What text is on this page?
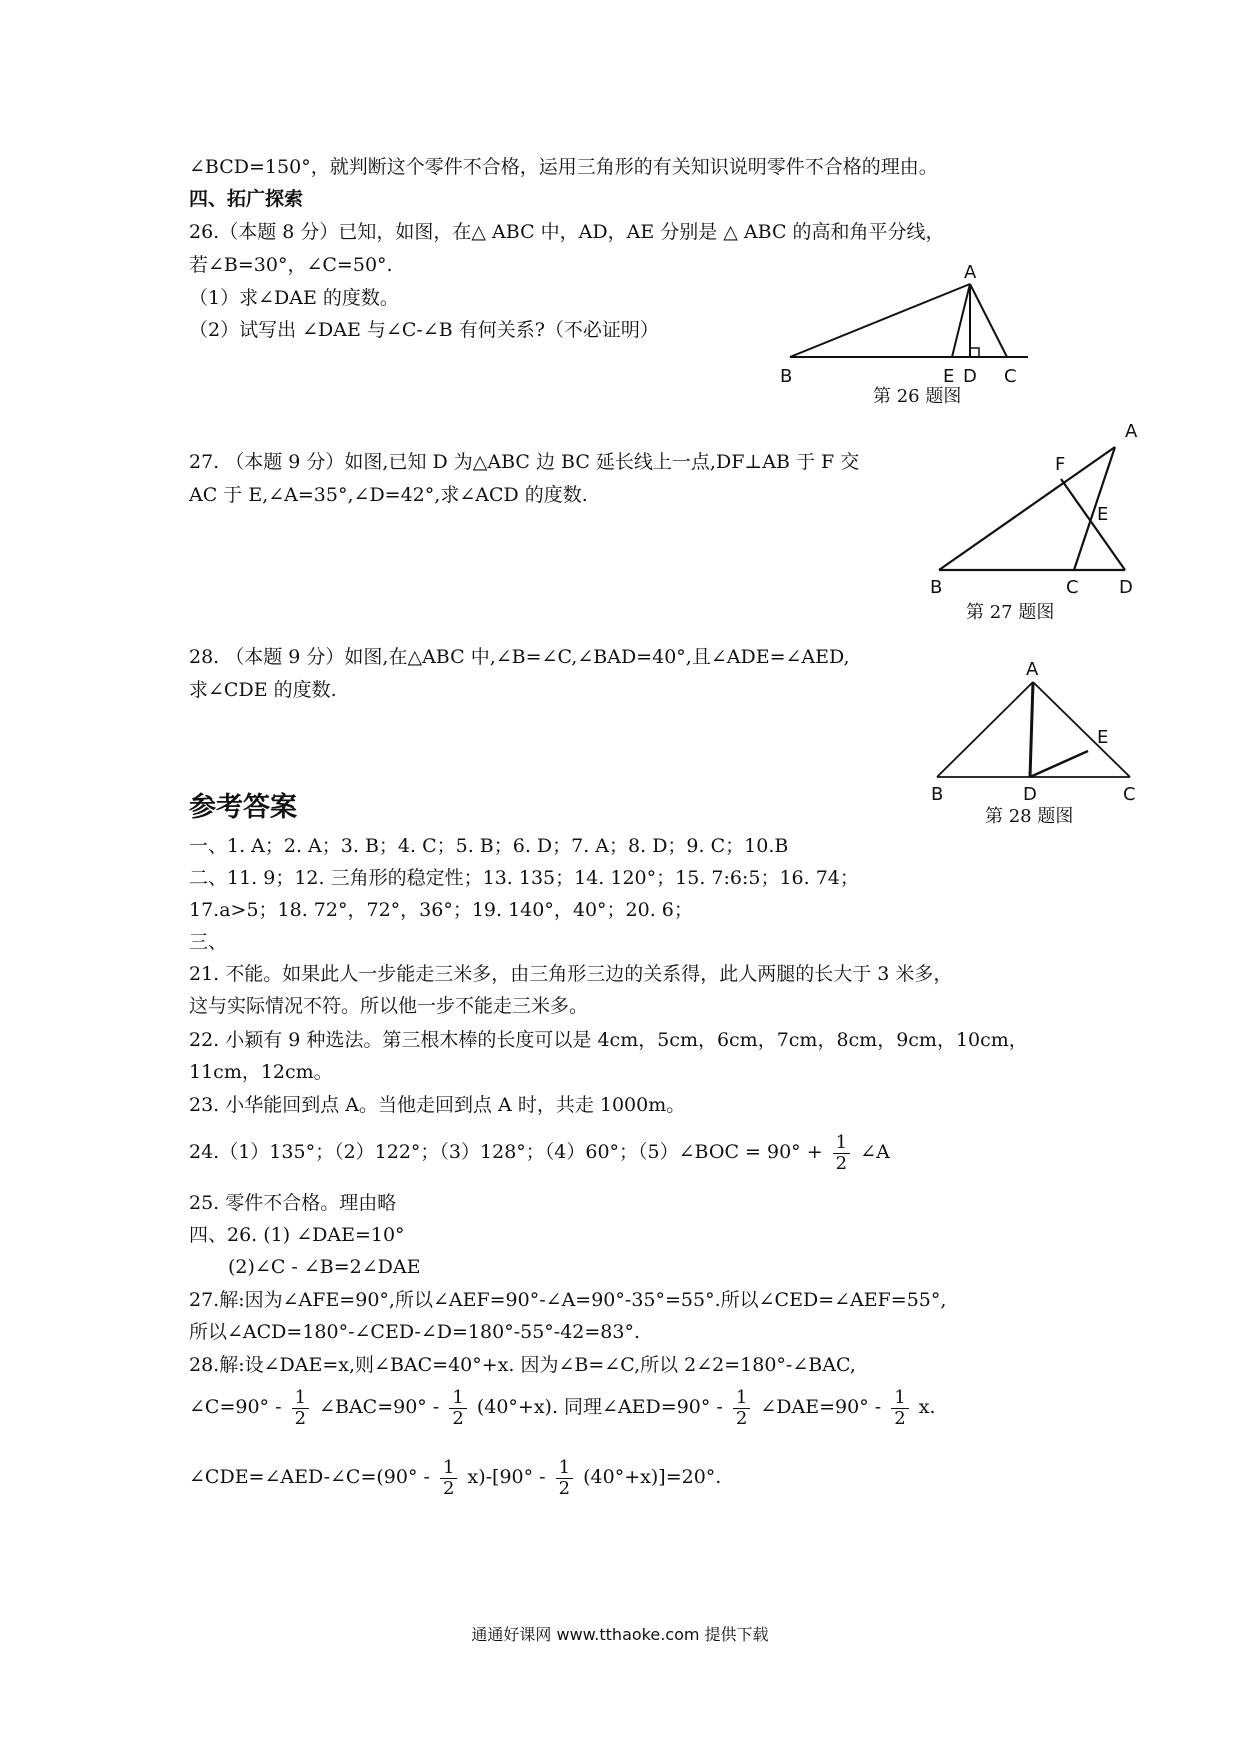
∠BCD=150°，就判断这个零件不合格，运用三角形的有关知识说明零件不合格的理由。
四、拓广探索
26.（本题 8 分）已知，如图，在△ ABC 中，AD，AE 分别是 △ ABC 的高和角平分线，
若∠B=30°，∠C=50°.
（1）求∠DAE 的度数。
（2）试写出 ∠DAE 与∠C-∠B 有何关系?（不必证明）
27. （本题 9 分）如图,已知 D 为△ABC 边 BC 延长线上一点,DF⊥AB 于 F 交
AC 于 E,∠A=35°,∠D=42°,求∠ACD 的度数.
28. （本题 9 分）如图,在△ABC 中,∠B=∠C,∠BAD=40°,且∠ADE=∠AED,
求∠CDE 的度数.
A
B	E D C
第 26 题图
A
F
E
B	C D
第 27 题图
A
E
B	D	C
第 28 题图
参考答案
一、1. A；2. A；3. B；4. C；5. B；6. D；7. A；8. D；9. C；10.B
二、11. 9；12. 三角形的稳定性；13. 135；14. 120°；15. 7:6:5；16. 74；
17.a>5；18. 72°，72°，36°；19. 140°，40°；20. 6；
三、
21. 不能。如果此人一步能走三米多，由三角形三边的关系得，此人两腿的长大于 3 米多，
这与实际情况不符。所以他一步不能走三米多。
22. 小颖有 9 种选法。第三根木棒的长度可以是 4cm，5cm，6cm，7cm，8cm，9cm，10cm，
11cm，12cm。
23. 小华能回到点 A。当他走回到点 A 时，共走 1000m。
24.（1）135°；（2）122°；（3）128°；（4）60°；（5）∠BOC = $90^\circ + \frac{1}{2}$ ∠A
25. 零件不合格。理由略
四、26. (1) ∠DAE=10°
(2)∠C - ∠B=2∠DAE
27.解:因为∠AFE=90°,所以∠AEF=90°-∠A=90°-35°=55°.所以∠CED=∠AEF=55°,
所以∠ACD=180°-∠CED-∠D=180°-55°-42=83°.
28.解:设∠DAE=x,则∠BAC=40°+x. 因为∠B=∠C,所以 2∠2=180°-∠BAC,
∠C=90° - $\frac{1}{2}$ ∠BAC=90° - $\frac{1}{2} (40^\circ+x)$. 同理∠AED=90° - $\frac{1}{2}$ ∠DAE=90° - $\frac{1}{2} x$.
∠CDE=∠AED-∠C=(90° - $\frac{1}{2} x)-[90^\circ - \frac{1}{2} (40^\circ+x)]=20^\circ$.
通通好课网 www.tthaoke.com 提供下载
